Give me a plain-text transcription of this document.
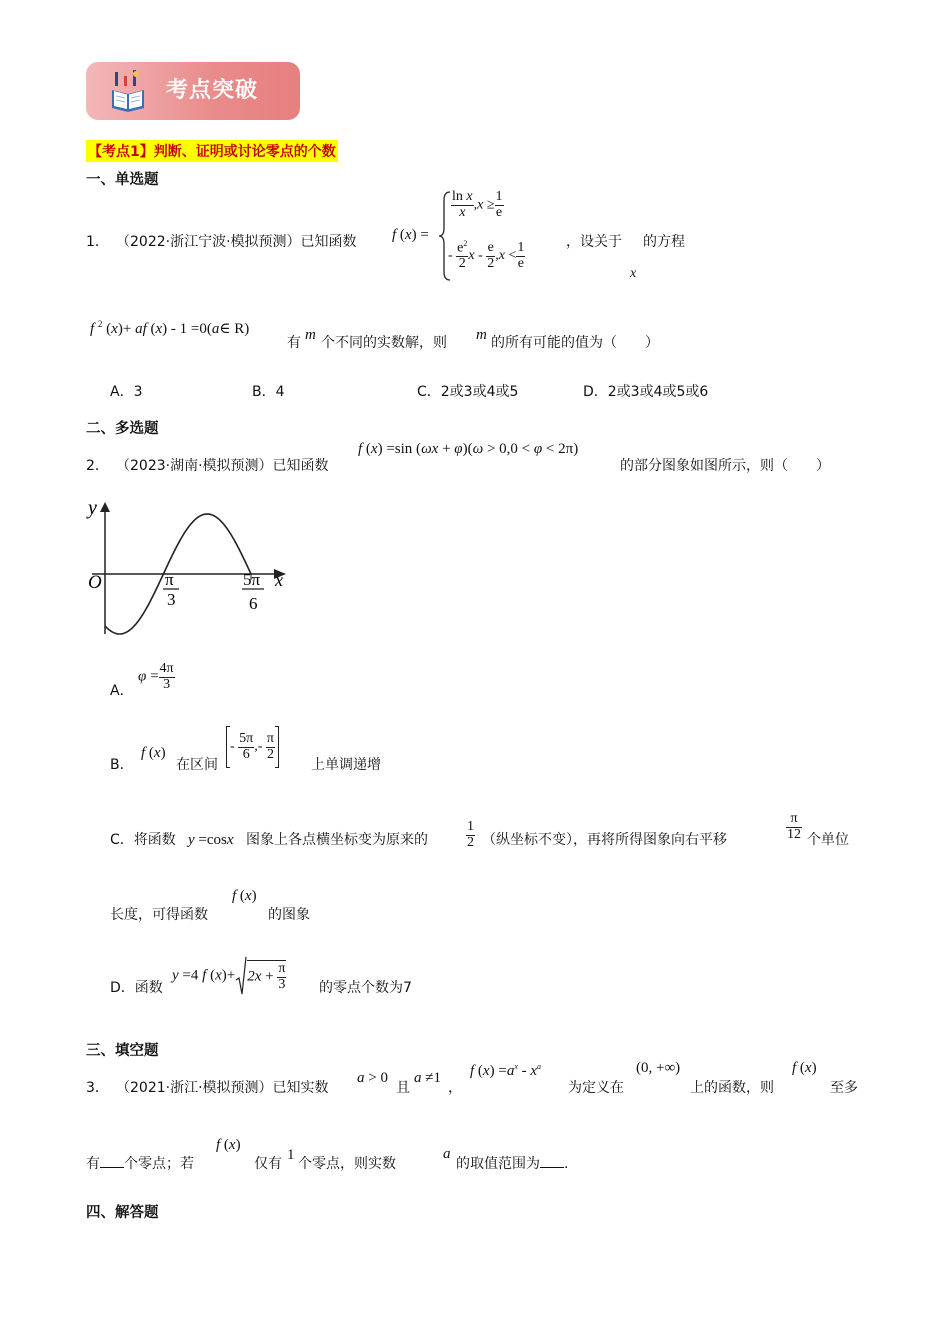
考点突破
【考点1】判断、证明或讨论零点的个数
一、单选题
1． （2022·浙江宁波·模拟预测）已知函数 f (x) =
$\frac{\text{ln x}}{x} ,x \ge \frac{1}{e}$
- $\frac{e^2}{2}$ $x - \frac{e}{2} ,x < \frac{1}{e}$	，设关于
x
的方程
f $^2$ (x)+ af (x) - 1 =0(a∈ R)
有 m 个不同的实数解，则 m 的所有可能的值为（　　）
A．3	B．4	C．2或3或4或5	D．2或3或4或5或6
二、多选题
2． （2023·湖南·模拟预测）已知函数
f (x) =sin (ωx + φ)(ω > 0,0 < φ < 2π)
的部分图象如图所示，则（　　）
y
x
O	π
3
5π
6
A．
$\varphi = \frac{4\pi}{3}$
B．
f (x)
在区间
- $\frac{5\pi}{6}$ ,- $\frac{\pi}{2}$
上单调递增
C．将函数 y =cosx 图象上各点横坐标变为原来的	$\frac{1}{2}$ （纵坐标不变），再将所得图象向右平移	$\frac{\pi}{12}$ 个单位
长度，可得函数
f (x)
的图象
D．函数
y =4 f $(x)+ 2x + \frac{\pi}{3}$ 的零点个数为7
三、填空题
3． （2021·浙江·模拟预测）已知实数
a > 0
且
a ≠1
，
f $(x) =a^x - x^a$
为定义在
(0, +∞)
上的函数，则
f (x)
至多
有 个零点；若
f (x)
仅有
1
个零点，则实数
a
的取值范围为 .
四、解答题
